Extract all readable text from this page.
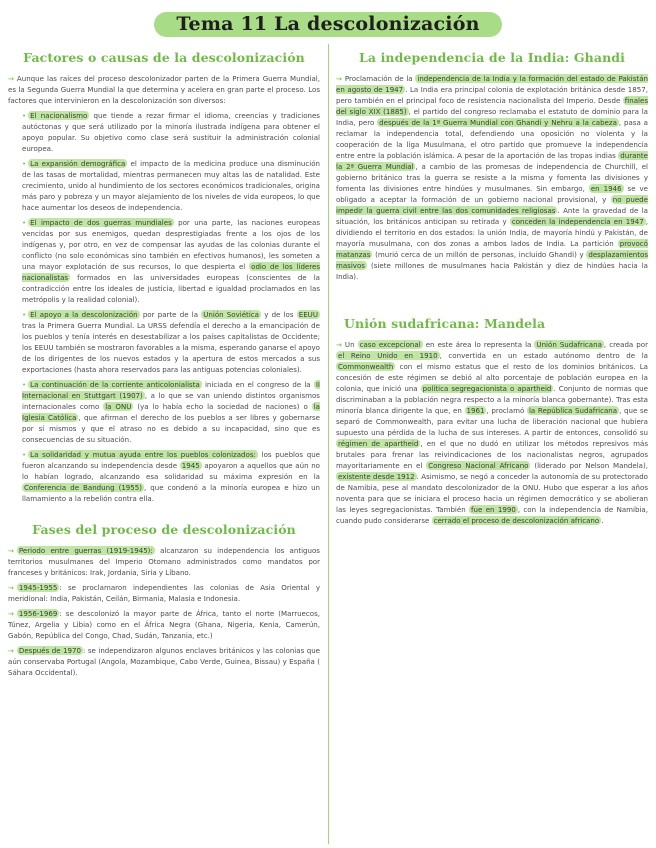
Tema 11 La descolonización
Factores o causas de la descolonización

→ Aunque las raíces del proceso descolonizador parten de la Primera Guerra Mundial, es la Segunda Guerra Mundial la que determina y acelera en gran parte el proceso. Los factores que intervinieron en la descolonización son diversos:

• El nacionalismo que tiende a rezar firmar el idioma, creencias y tradiciones autóctonas y que será utilizado por la minoría ilustrada indígena para obtener el apoyo popular. Su objetivo como clase será sustituir la administración colonial europea.

• La expansión demográfica el impacto de la medicina produce una disminución de las tasas de mortalidad, mientras permanecen muy altas las de natalidad. Este crecimiento, unido al hundimiento de los sectores económicos tradicionales, origina más paro y pobreza y un mayor alejamiento de los niveles de vida europeos, lo que hace aumentar los deseos de independencia.

• El impacto de dos guerras mundiales por una parte, las naciones europeas vencidas por sus enemigos, quedan desprestigiadas frente a los ojos de los indígenas y, por otro, en vez de compensar las ayudas de las colonias durante el conflicto (no solo económicas sino también en efectivos humanos), les someten a una mayor explotación de sus recursos, lo que despierta el odio de los líderes nacionalistas formados en las universidades europeas (conscientes de la contradicción entre los ideales de justicia, libertad e igualdad proclamados en las metrópolis y la realidad colonial).

• El apoyo a la descolonización por parte de la Unión Soviética y de los EEUU tras la Primera Guerra Mundial. La URSS defendía el derecho a la emancipación de los pueblos y tenía interés en desestabilizar a los países capitalistas de Occidente; los EEUU también se mostraron favorables a la misma, esperando ganarse el apoyo de los dirigentes de los nuevos estados y la apertura de estos mercados a sus exportaciones (hasta ahora reservados para las antiguas potencias coloniales).

• La continuación de la corriente anticolonialista iniciada en el congreso de la II Internacional en Stuttgart (1907) , a lo que se van uniendo distintos organismos internacionales como la ONU (ya lo había echo la sociedad de naciones) o la Iglesia Católica , que afirman el derecho de los pueblos a ser libres y gobernarse por sí mismos y que el atraso no es debido a su incapacidad, sino que es consecuencias de su situación.

• La solidaridad y mutua ayuda entre los pueblos colonizados: los pueblos que fueron alcanzando su independencia desde 1945 apoyaron a aquellos que aún no lo habían logrado, alcanzando esa solidaridad su máxima expresión en la Conferencia de Bandung (1955) , que condenó a la minoría europea e hizo un llamamiento a la rebelión contra ella.

Fases del proceso de descolonización
→ Periodo entre guerras (1919-1945): alcanzaron su independencia los antiguos territorios musulmanes del Imperio Otomano administrados como mandatos por franceses y británicos: Irak, Jordania, Siria y Líbano.
→ 1945-1955 : se proclamaron independientes las colonias de Asia Oriental y meridional: India, Pakistán, Ceilán, Birmania, Malasia e Indonesia.
→ 1956-1969 : se descolonizó la mayor parte de África, tanto el norte (Marruecos, Túnez, Argelia y Libia) como en el África Negra (Ghana, Nigeria, Kenia, Camerún, Gabón, República del Congo, Chad, Sudán, Tanzania, etc.)
→ Después de 1970 : se independizaron algunos enclaves británicos y las colonias que aún conservaba Portugal (Angola, Mozambique, Cabo Verde, Guinea, Bissau) y España ( Sáhara Occidental).
La independencia de la India: Ghandi

→ Proclamación de la independencia de la India y la formación del estado de Pakistán en agosto de 1947 . La India era principal colonia de explotación británica desde 1857, pero también en el principal foco de resistencia nacionalista del Imperio. Desde finales del siglo XIX (1885) , el partido del congreso reclamaba el estatuto de dominio para la India, pero después de la 1ª Guerra Mundial con Ghandi y Nehru a la cabeza , pasa a reclamar la independencia total, defendiendo una oposición no violenta y la cooperación de la liga Musulmana, el otro partido que promueve la independencia entre entre la población islámica. A pesar de la aportación de las tropas indias durante la 2ª Guerra Mundial , a cambio de las promesas de independencia de Churchill, el gobierno británico tras la guerra se resiste a la misma y fomenta las divisiones y fomenta las divisiones entre hindúes y musulmanes. Sin embargo, en 1946 se ve obligado a aceptar la formación de un gobierno nacional provisional, y no puede impedir la guerra civil entre las dos comunidades religiosas . Ante la gravedad de la situación, los británicos anticipan su retirada y conceden la independencia en 1947 , dividiendo el territorio en dos estados: la unión India, de mayoría hindú y Pakistán, de mayoría musulmana, con dos zonas a ambos lados de India. La partición provocó matanzas (murió cerca de un millón de personas, incluido Ghandi) y desplazamientos masivos (siete millones de musulmanes hacia Pakistán y diez de hindúes hacia la India).

Unión sudafricana: Mandela

→ Un caso excepcional en este área lo representa la Unión Sudafricana , creada por el Reino Unido en 1910 , convertida en un estado autónomo dentro de la Commonwealth con el mismo estatus que el resto de los dominios británicos. La concesión de este régimen se debió al alto porcentaje de población europea en la colonia, que inició una política segregacionista o apartheid . Conjunto de normas que discriminaban a la población negra respecto a la minoría blanca gobernante). Tras esta minoría blanca dirigente la que, en 1961 , proclamó la República Sudafricana , que se separó de Commonwealth, para evitar una lucha de liberación nacional que hubiera supuesto una pérdida de la lucha de sus intereses. A partir de entonces, consolidó su régimen de apartheid , en el que no dudó en utilizar los métodos represivos más brutales para frenar las reivindicaciones de los nacionalistas negros, agrupados mayoritariamente en el Congreso Nacional Africano (liderado por Nelson Mandela), existente desde 1912 . Asimismo, se negó a conceder la autonomía de su protectorado de Namibia, pese al mandato descolonizador de la ONU. Hubo que esperar a los años noventa para que se iniciara el proceso hacia un régimen democrático y se abolieran las leyes segregacionistas. También fue en 1990 , con la independencia de Namibia, cuando pudo considerarse cerrado el proceso de descolonización africano .
